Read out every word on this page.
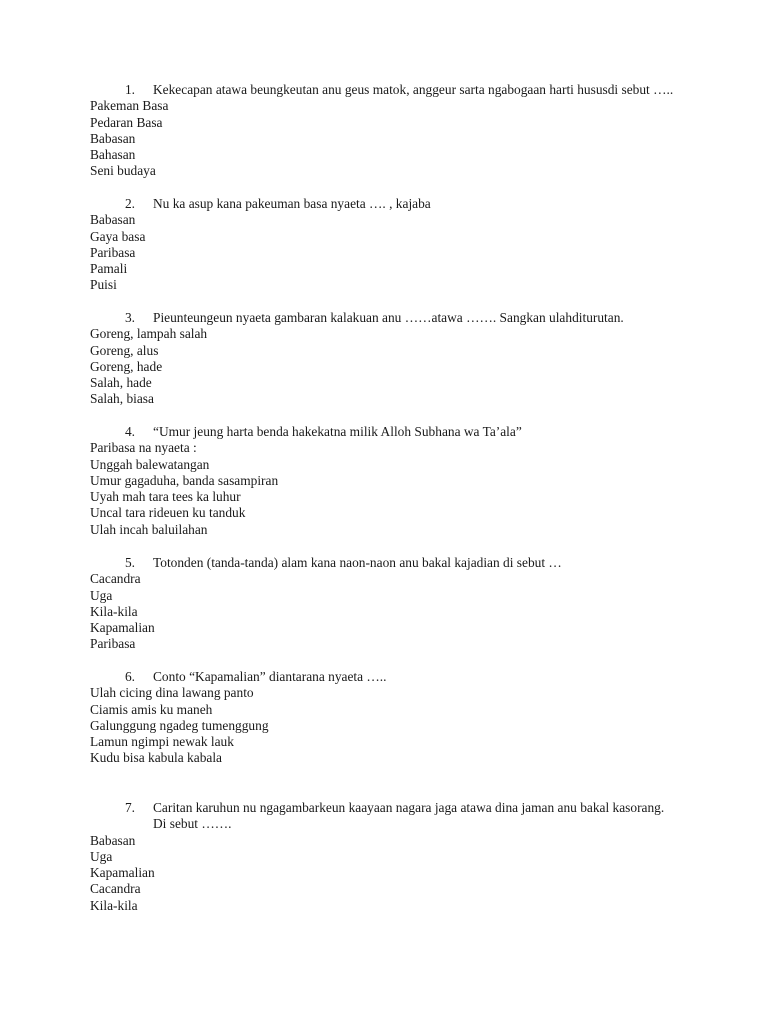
1. Kekecapan atawa beungkeutan anu geus matok, anggeur sarta ngabogaan harti hususdi sebut …..
Pakeman Basa
Pedaran Basa
Babasan
Bahasan
Seni budaya
2. Nu ka asup kana pakeuman basa nyaeta …. , kajaba
Babasan
Gaya basa
Paribasa
Pamali
Puisi
3. Pieunteungeun nyaeta gambaran kalakuan anu ……atawa ……. Sangkan ulahditurutan.
Goreng, lampah salah
Goreng, alus
Goreng, hade
Salah, hade
Salah, biasa
4. “Umur jeung harta benda hakekatna milik Alloh Subhana wa Ta’ala”
Paribasa na nyaeta :
Unggah balewatangan
Umur gagaduha, banda sasampiran
Uyah mah tara tees ka luhur
Uncal tara rideuen ku tanduk
Ulah incah baluilahan
5. Totonden (tanda-tanda) alam kana naon-naon anu bakal kajadian di sebut …
Cacandra
Uga
Kila-kila
Kapamalian
Paribasa
6. Conto “Kapamalian” diantarana nyaeta …..
Ulah cicing dina lawang panto
Ciamis amis ku maneh
Galunggung ngadeg tumenggung
Lamun ngimpi newak lauk
Kudu bisa kabula kabala
7. Caritan karuhun nu ngagambarkeun kaayaan nagara jaga atawa dina jaman anu bakal kasorang.
Di sebut …….
Babasan
Uga
Kapamalian
Cacandra
Kila-kila
